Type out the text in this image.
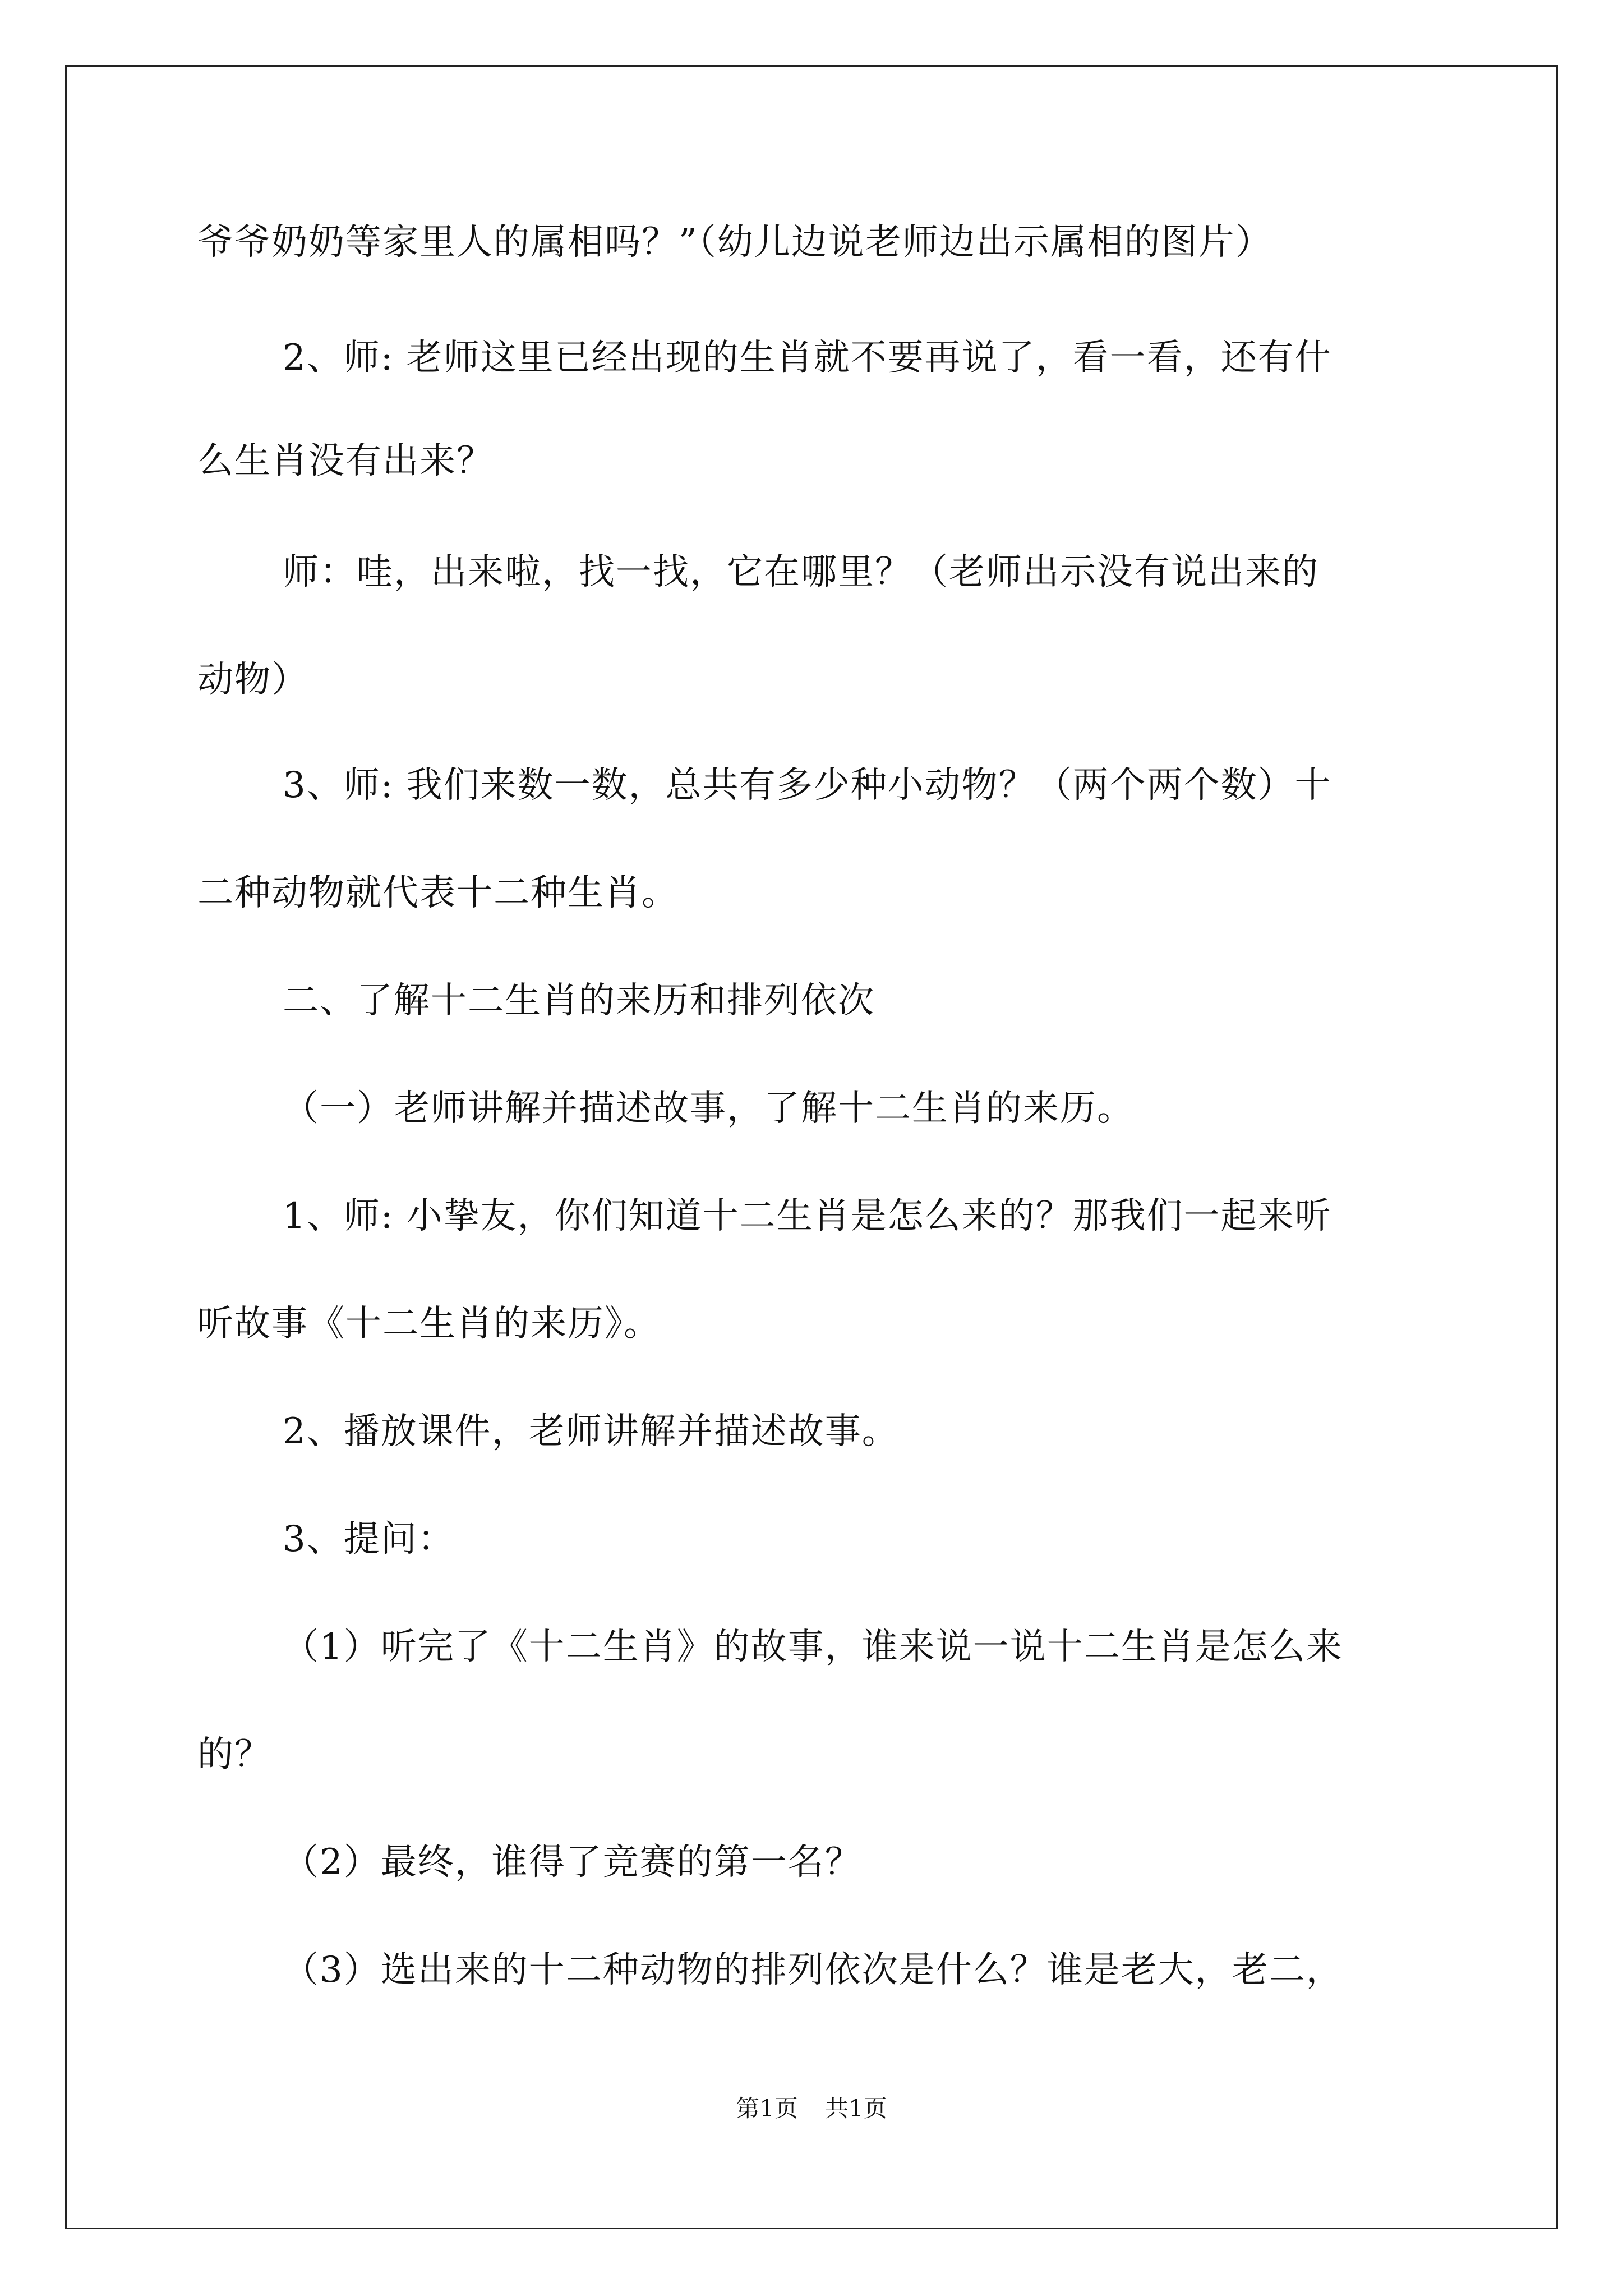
爷爷奶奶等家里人的属相吗？”（幼儿边说老师边出示属相的图片）
2、师: 老师这里已经出现的生肖就不要再说了，看一看，还有什
么生肖没有出来？
师：哇，出来啦，找一找，它在哪里？（老师出示没有说出来的
动物）
3、师: 我们来数一数，总共有多少种小动物？（两个两个数）十
二种动物就代表十二种生肖。
二、了解十二生肖的来历和排列依次
（一）老师讲解并描述故事，了解十二生肖的来历。
1、师: 小挚友，你们知道十二生肖是怎么来的？那我们一起来听
听故事《十二生肖的来历》。
2、播放课件，老师讲解并描述故事。
3、提问：
（1）听完了《十二生肖》的故事，谁来说一说十二生肖是怎么来
的？
（2）最终，谁得了竞赛的第一名？
（3）选出来的十二种动物的排列依次是什么？谁是老大，老二，
第1页 共1页
